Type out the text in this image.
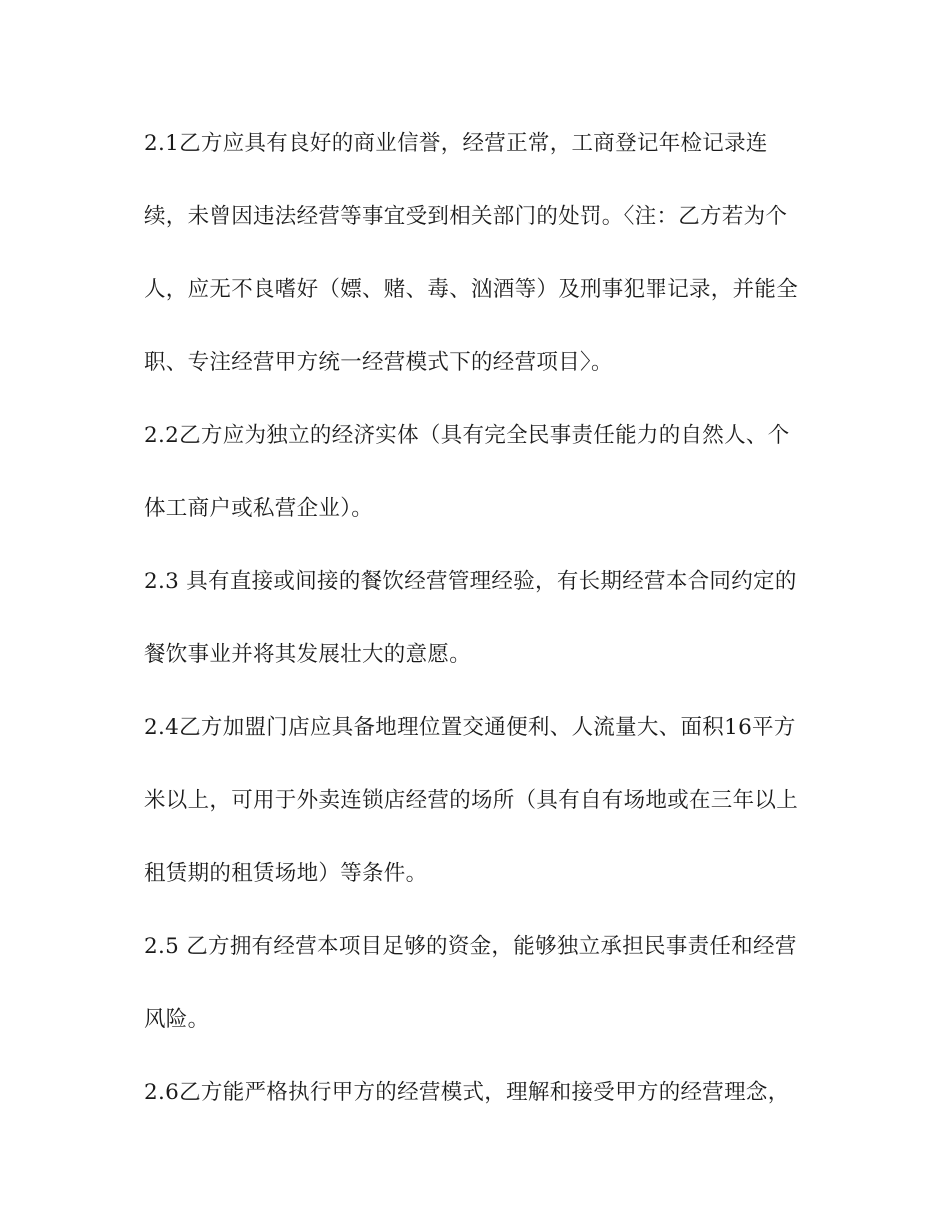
2.1乙方应具有良好的商业信誉，经营正常，工商登记年检记录连
续，未曾因违法经营等事宜受到相关部门的处罚。〈注：乙方若为个
人，应无不良嗜好（嫖、赌、毒、汹酒等）及刑事犯罪记录，并能全
职、专注经营甲方统一经营模式下的经营项目〉。
2.2乙方应为独立的经济实体（具有完全民事责任能力的自然人、个
体工商户或私营企业）。
2.3 具有直接或间接的餐饮经营管理经验，有长期经营本合同约定的
餐饮事业并将其发展壮大的意愿。
2.4乙方加盟门店应具备地理位置交通便利、人流量大、面积16平方
米以上，可用于外卖连锁店经营的场所（具有自有场地或在三年以上
租赁期的租赁场地）等条件。
2.5 乙方拥有经营本项目足够的资金，能够独立承担民事责任和经营
风险。
2.6乙方能严格执行甲方的经营模式，理解和接受甲方的经营理念，
